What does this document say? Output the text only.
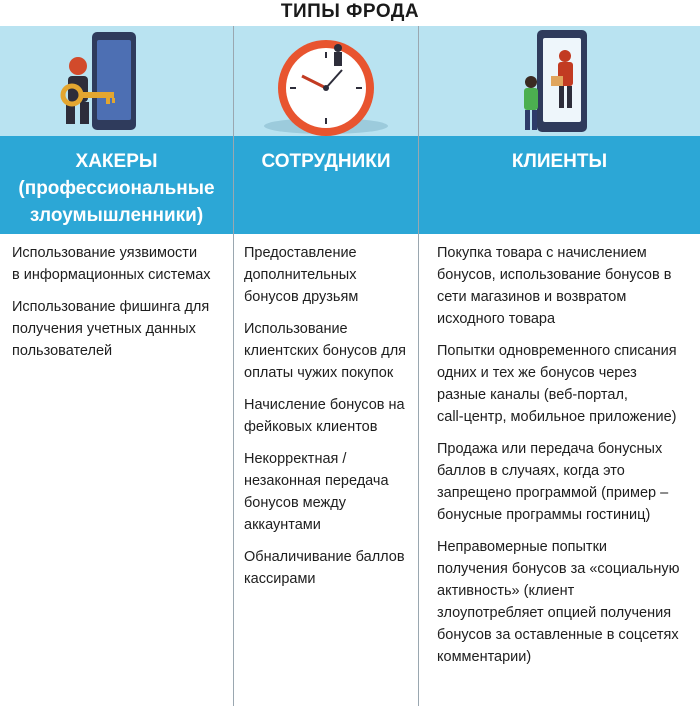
ТИПЫ ФРОДА
ХАКЕРЫ
(профессиональные
злоумышленники)
Использование уязвимости
в информационных системах
Использование фишинга для
получения учетных данных
пользователей
СОТРУДНИКИ
Предоставление
дополнительных
бонусов друзьям
Использование
клиентских бонусов для
оплаты чужих покупок
Начисление бонусов на
фейковых клиентов
Некорректная /
незаконная передача
бонусов между
аккаунтами
Обналичивание баллов
кассирами
КЛИЕНТЫ
Покупка товара с начислением
бонусов, использование бонусов в
сети магазинов и возвратом
исходного товара
Попытки одновременного списания
одних и тех же бонусов через
разные каналы (веб-портал,
call-центр, мобильное приложение)
Продажа или передача бонусных
баллов в случаях, когда это
запрещено программой (пример –
бонусные программы гостиниц)
Неправомерные попытки
получения бонусов за «социальную
активность» (клиент
злоупотребляет опцией получения
бонусов за оставленные в соцсетях
комментарии)
